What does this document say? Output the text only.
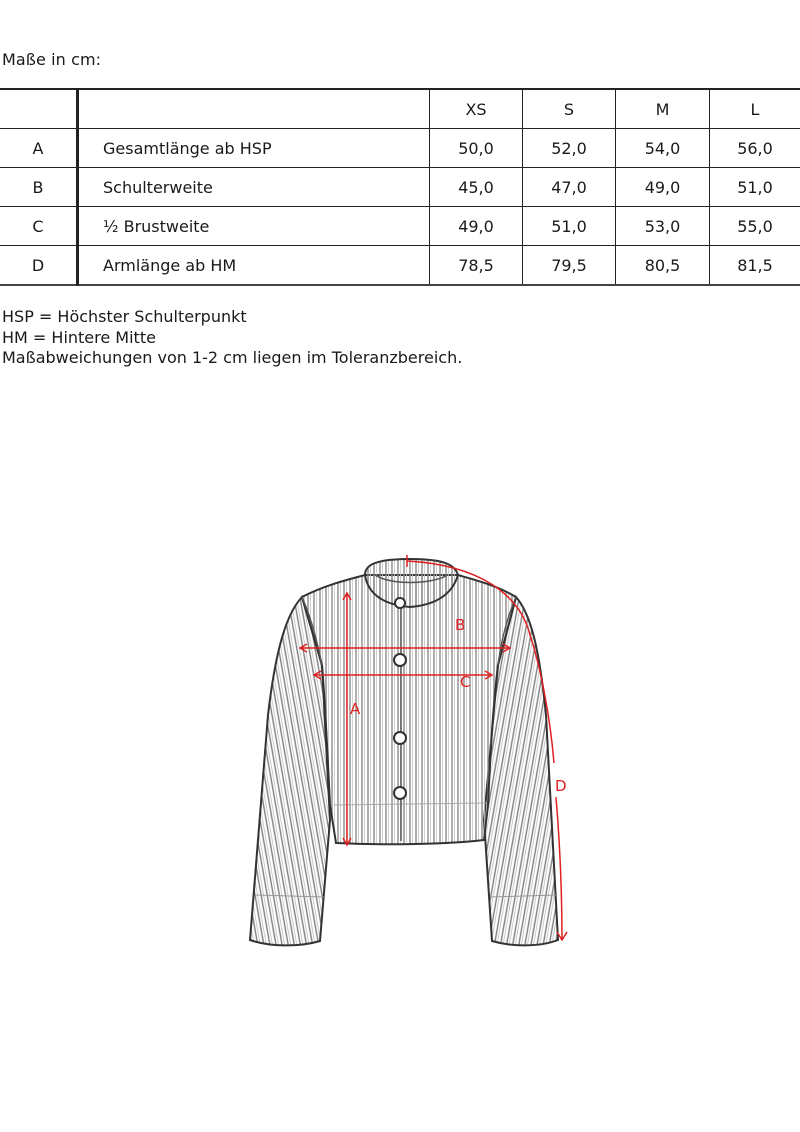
Maße in cm:
		XS	S	M	L
A	Gesamtlänge ab HSP	50,0	52,0	54,0	56,0
B	Schulterweite	45,0	47,0	49,0	51,0
C	½ Brustweite	49,0	51,0	53,0	55,0
D	Armlänge ab HM	78,5	79,5	80,5	81,5
HSP = Höchster Schulterpunkt
HM = Hintere Mitte
Maßabweichungen von 1-2 cm liegen im Toleranzbereich.
B
C
A
D
